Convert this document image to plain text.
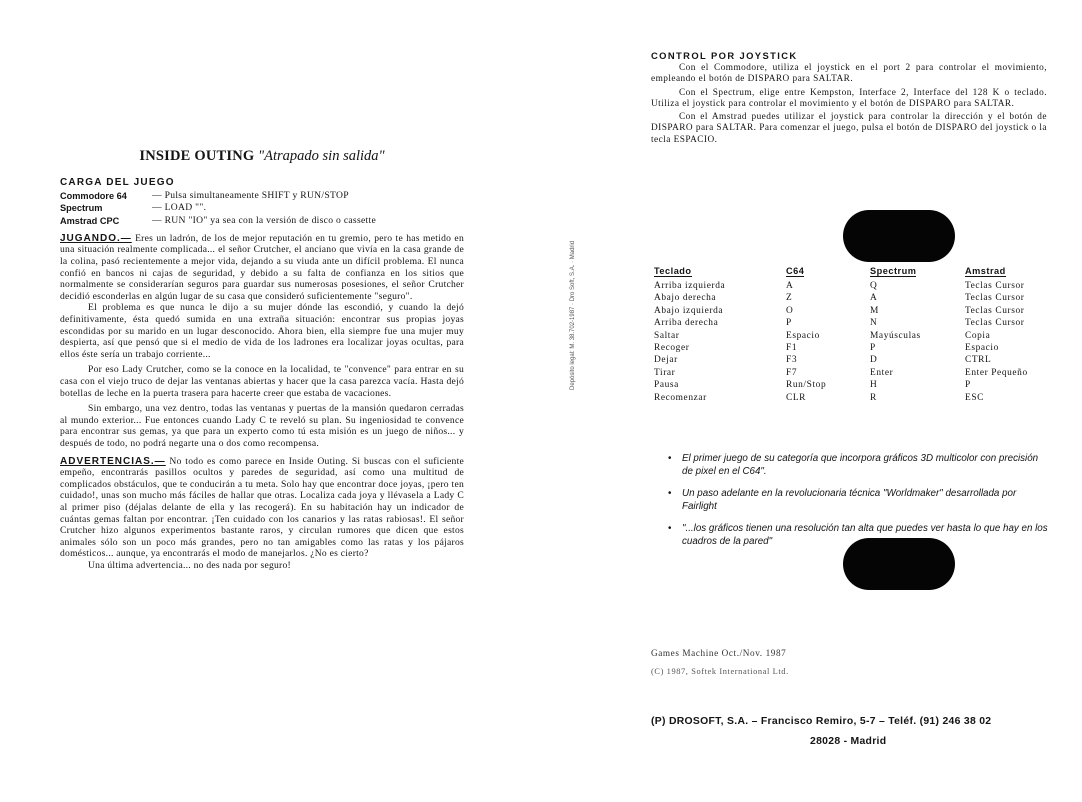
INSIDE OUTING "Atrapado sin salida"
CARGA DEL JUEGO
Commodore 64	— Pulsa simultaneamente SHIFT y RUN/STOP
Spectrum	— LOAD "".
Amstrad CPC	— RUN "IO" ya sea con la versión de disco o cassette

JUGANDO.— Eres un ladrón, de los de mejor reputación en tu gremio, pero te has metido en una situación realmente complicada... el señor Crutcher, el anciano que vivía en la casa grande de la colina, pasó recientemente a mejor vida, dejando a su viuda ante un difícil problema. El nunca confió en bancos ni cajas de seguridad, y debido a su falta de confianza en los sitios que normalmente se considerarían seguros para guardar sus numerosas posesiones, el señor Crutcher decidió esconderlas en algún lugar de su casa que consideró suficientemente "seguro".

El problema es que nunca le dijo a su mujer dónde las escondió, y cuando la dejó definitivamente, ésta quedó sumida en una extraña situación: encontrar sus propias joyas escondidas por su marido en un lugar desconocido. Ahora bien, ella siempre fue una mujer muy despierta, así que pensó que si el medio de vida de los ladrones era localizar joyas ocultas, para ellos éste sería un trabajo corriente...

Por eso Lady Crutcher, como se la conoce en la localidad, te "convence" para entrar en su casa con el viejo truco de dejar las ventanas abiertas y hacer que la casa parezca vacía. Hasta dejó botellas de leche en la puerta trasera para hacerte creer que estaba de vacaciones.

Sin embargo, una vez dentro, todas las ventanas y puertas de la mansión quedaron cerradas al mundo exterior... Fue entonces cuando Lady C te reveló su plan. Su ingeniosidad te convence para encontrar sus gemas, ya que para un experto como tú esta misión es un juego de niños... y después de todo, no podrá negarte una o dos como recompensa.

ADVERTENCIAS.— No todo es como parece en Inside Outing. Si buscas con el suficiente empeño, encontrarás pasillos ocultos y paredes de seguridad, así como una multitud de complicados obstáculos, que te conducirán a tu meta. Solo hay que encontrar doce joyas, ¡pero ten cuidado!, unas son mucho más fáciles de hallar que otras. Localiza cada joya y llévasela a Lady C al primer piso (déjalas delante de ella y las recogerá). En su habitación hay un indicador de cuántas gemas faltan por encontrar. ¡Ten cuidado con los canarios y las ratas rabiosas!. El señor Crutcher hizo algunos experimentos bastante raros, y circulan rumores que dicen que estos animales sólo son un poco más grandes, pero no tan amigables como las ratas y los pájaros domésticos... aunque, ya encontrarás el modo de manejarlos. ¿No es cierto?

Una última advertencia... no des nada por seguro!

Depósito legal: M. 38.702-1987 · Dro Soft, S.A. · Madrid
CONTROL POR JOYSTICK

Con el Commodore, utiliza el joystick en el port 2 para controlar el movimiento, empleando el botón de DISPARO para SALTAR.

Con el Spectrum, elige entre Kempston, Interface 2, Interface del 128 K o teclado. Utiliza el joystick para controlar el movimiento y el botón de DISPARO para SALTAR.

Con el Amstrad puedes utilizar el joystick para controlar la dirección y el botón de DISPARO para SALTAR. Para comenzar el juego, pulsa el botón de DISPARO del joystick o la tecla ESPACIO.

Teclado	C64	Spectrum	Amstrad
Arriba izquierda	A	Q	Teclas Cursor
Abajo derecha	Z	A	Teclas Cursor
Abajo izquierda	O	M	Teclas Cursor
Arriba derecha	P	N	Teclas Cursor
Saltar	Espacio	Mayúsculas	Copia
Recoger	F1	P	Espacio
Dejar	F3	D	CTRL
Tirar	F7	Enter	Enter Pequeño
Pausa	Run/Stop	H	P
Recomenzar	CLR	R	ESC
• El primer juego de su categoría que incorpora gráficos 3D multicolor con precisión de pixel en el C64".
• Un paso adelante en la revolucionaria técnica "Worldmaker" desarrollada por Fairlight
• "...los gráficos tienen una resolución tan alta que puedes ver hasta lo que hay en los cuadros de la pared"
Games Machine Oct./Nov. 1987
(C) 1987, Softek International Ltd.
(P) DROSOFT, S.A. – Francisco Remiro, 5-7 – Teléf. (91) 246 38 02
28028 - Madrid
